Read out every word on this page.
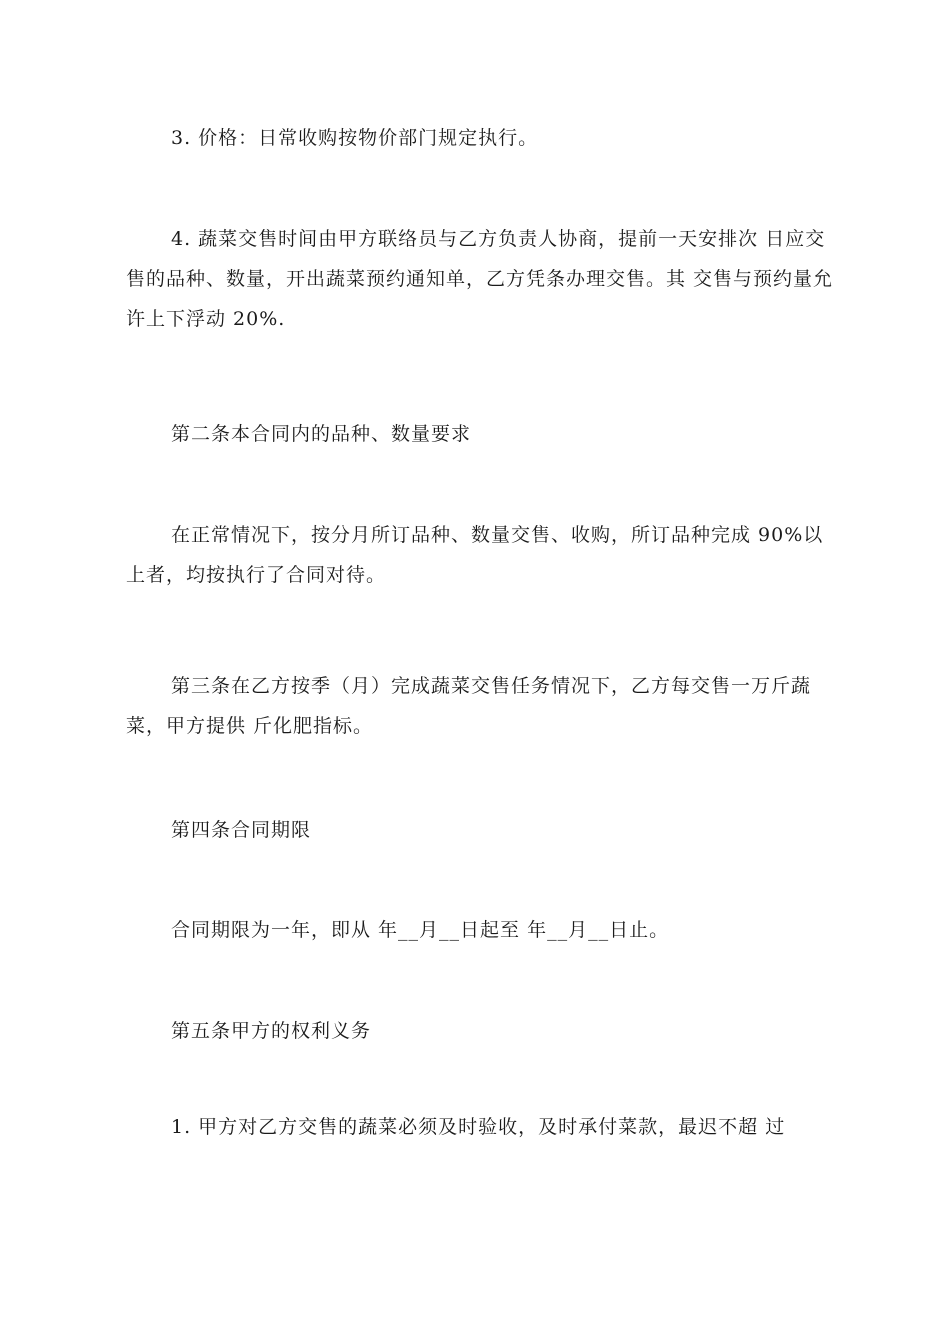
3. 价格：日常收购按物价部门规定执行。

4. 蔬菜交售时间由甲方联络员与乙方负责人协商，提前一天安排次 日应交售的品种、数量，开出蔬菜预约通知单，乙方凭条办理交售。其 交售与预约量允许上下浮动 20%.

第二条本合同内的品种、数量要求

在正常情况下，按分月所订品种、数量交售、收购，所订品种完成 90%以上者，均按执行了合同对待。

第三条在乙方按季（月）完成蔬菜交售任务情况下，乙方每交售一万斤蔬菜，甲方提供 斤化肥指标。

第四条合同期限

合同期限为一年，即从 年__月__日起至 年__月__日止。

第五条甲方的权利义务

1. 甲方对乙方交售的蔬菜必须及时验收，及时承付菜款，最迟不超 过
